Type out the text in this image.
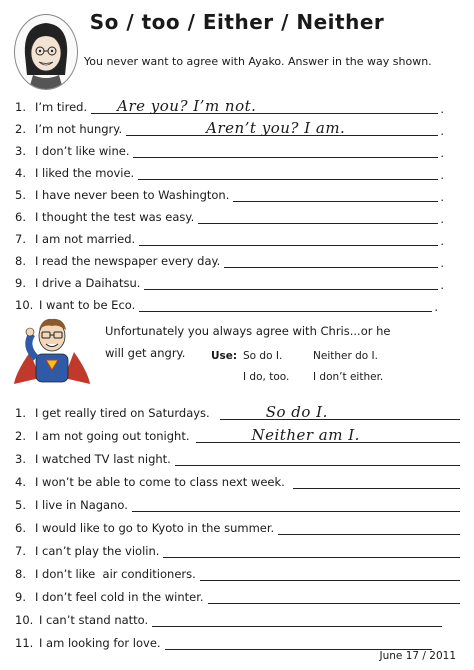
So / too / Either / Neither
You never want to agree with Ayako. Answer in the way shown.
1. I’m tired. Are you? I’m not.
.
2. I’m not hungry.	Aren’t you? I am.
.
3. I don’t like wine.
.
4. I liked the movie.
.
5. I have never been to Washington.
.
6. I thought the test was easy.
.
7. I am not married.
.
8. I read the newspaper every day.
.
9. I drive a Daihatsu.
.
10. I want to be Eco.
.
Unfortunately you always agree with Chris...or he
will get angry.	Use: So do I.	Neither do I.
I do, too. I don’t either.
1. I get really tired on Saturdays.	So do I.
2. I am not going out tonight.	Neither am I.
3. I watched TV last night.
4. I won’t be able to come to class next week.
5. I live in Nagano.
6. I would like to go to Kyoto in the summer.
7. I can’t play the violin.
8. I don’t like  air conditioners.
9. I don’t feel cold in the winter.
10. I can’t stand natto.
11. I am looking for love.
June 17 / 2011
